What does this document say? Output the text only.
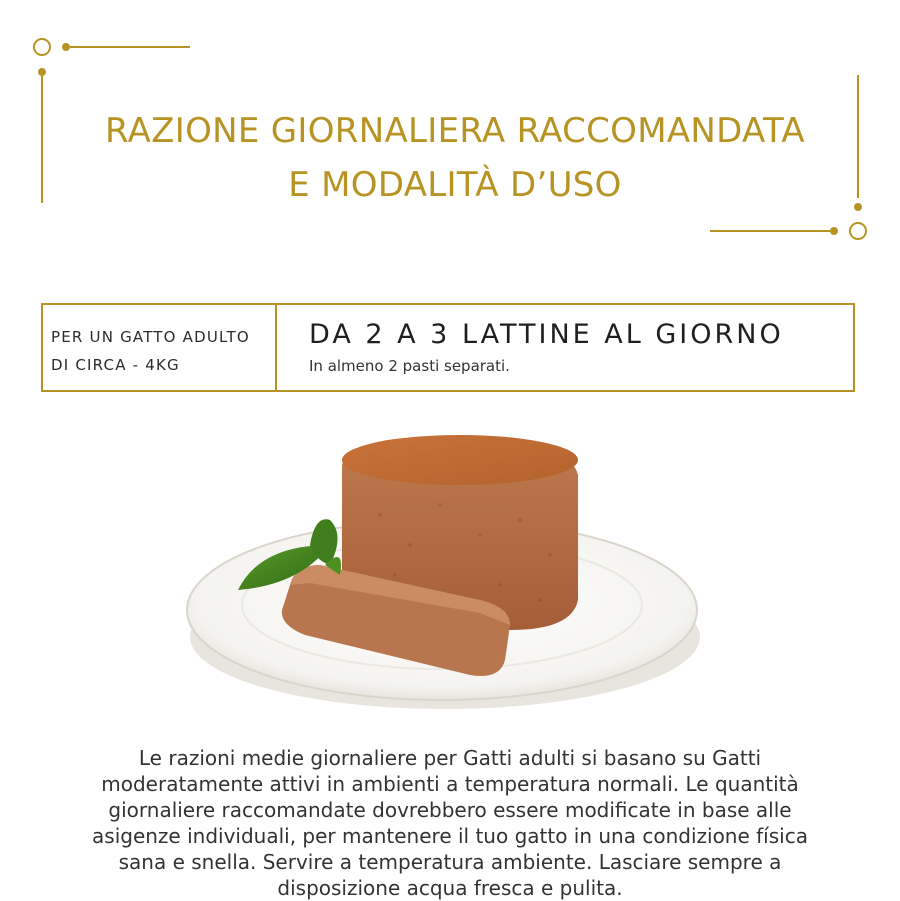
RAZIONE GIORNALIERA RACCOMANDATA
E MODALITÀ D’USO
PER UN GATTO ADULTO
DI CIRCA - 4KG
DA 2 A 3 LATTINE AL GIORNO
In almeno 2 pasti separati.

Le razioni medie giornaliere per Gatti adulti si basano su Gatti moderatamente attivi in ambienti a temperatura normali. Le quantità giornaliere raccomandate dovrebbero essere modificate in base alle asigenze individuali, per mantenere il tuo gatto in una condizione física sana e snella. Servire a temperatura ambiente. Lasciare sempre a disposizione acqua fresca e pulita.
